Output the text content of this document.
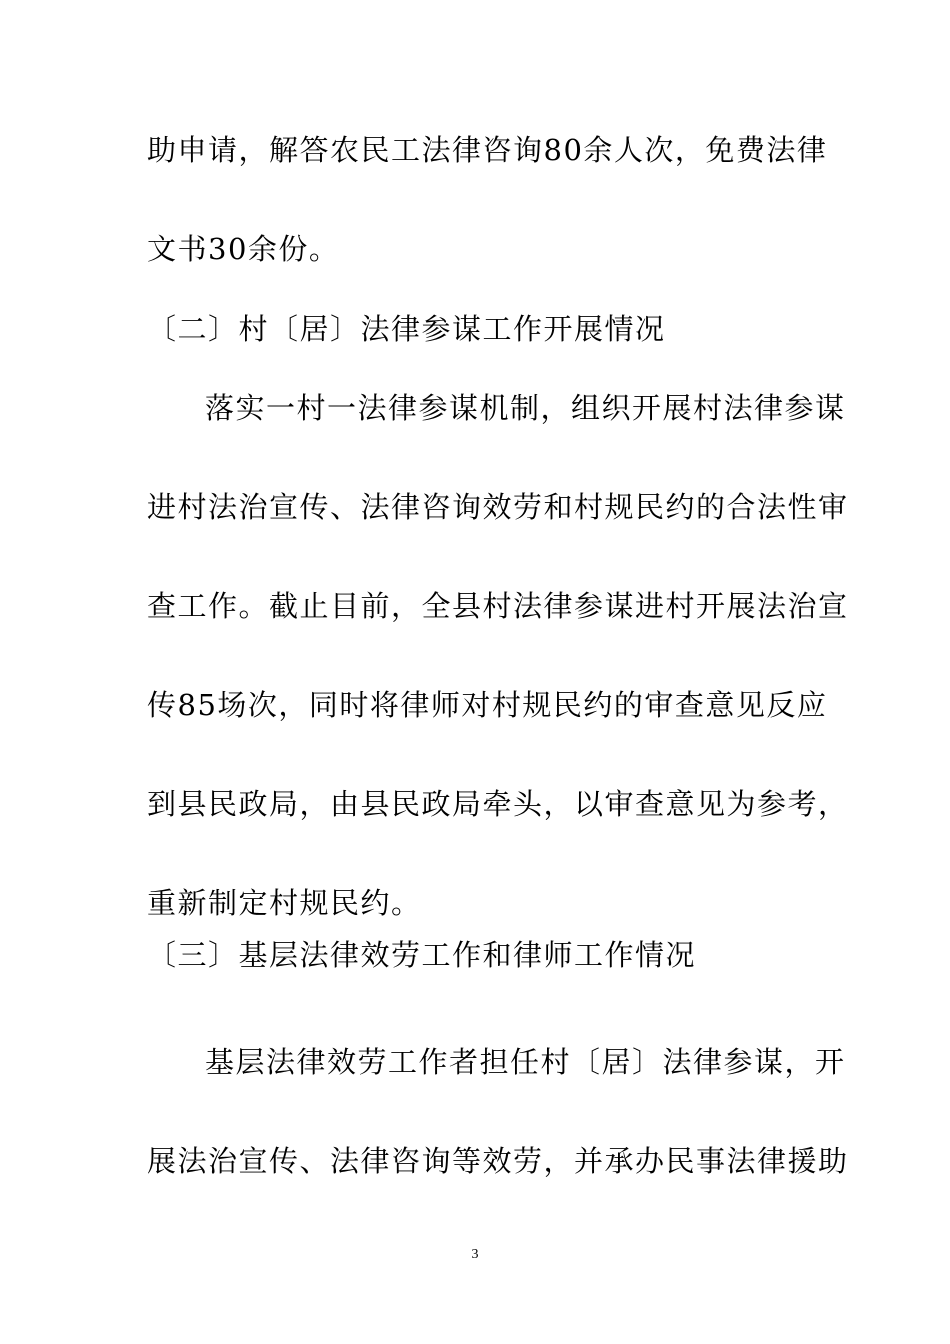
助申请，解答农民工法律咨询80余人次，免费法律
文书30余份。
〔二〕村〔居〕法律参谋工作开展情况
落实一村一法律参谋机制，组织开展村法律参谋
进村法治宣传、法律咨询效劳和村规民约的合法性审
查工作。截止目前，全县村法律参谋进村开展法治宣
传85场次，同时将律师对村规民约的审查意见反应
到县民政局，由县民政局牵头，以审查意见为参考，
重新制定村规民约。
〔三〕基层法律效劳工作和律师工作情况
基层法律效劳工作者担任村〔居〕法律参谋，开
展法治宣传、法律咨询等效劳，并承办民事法律援助
3
